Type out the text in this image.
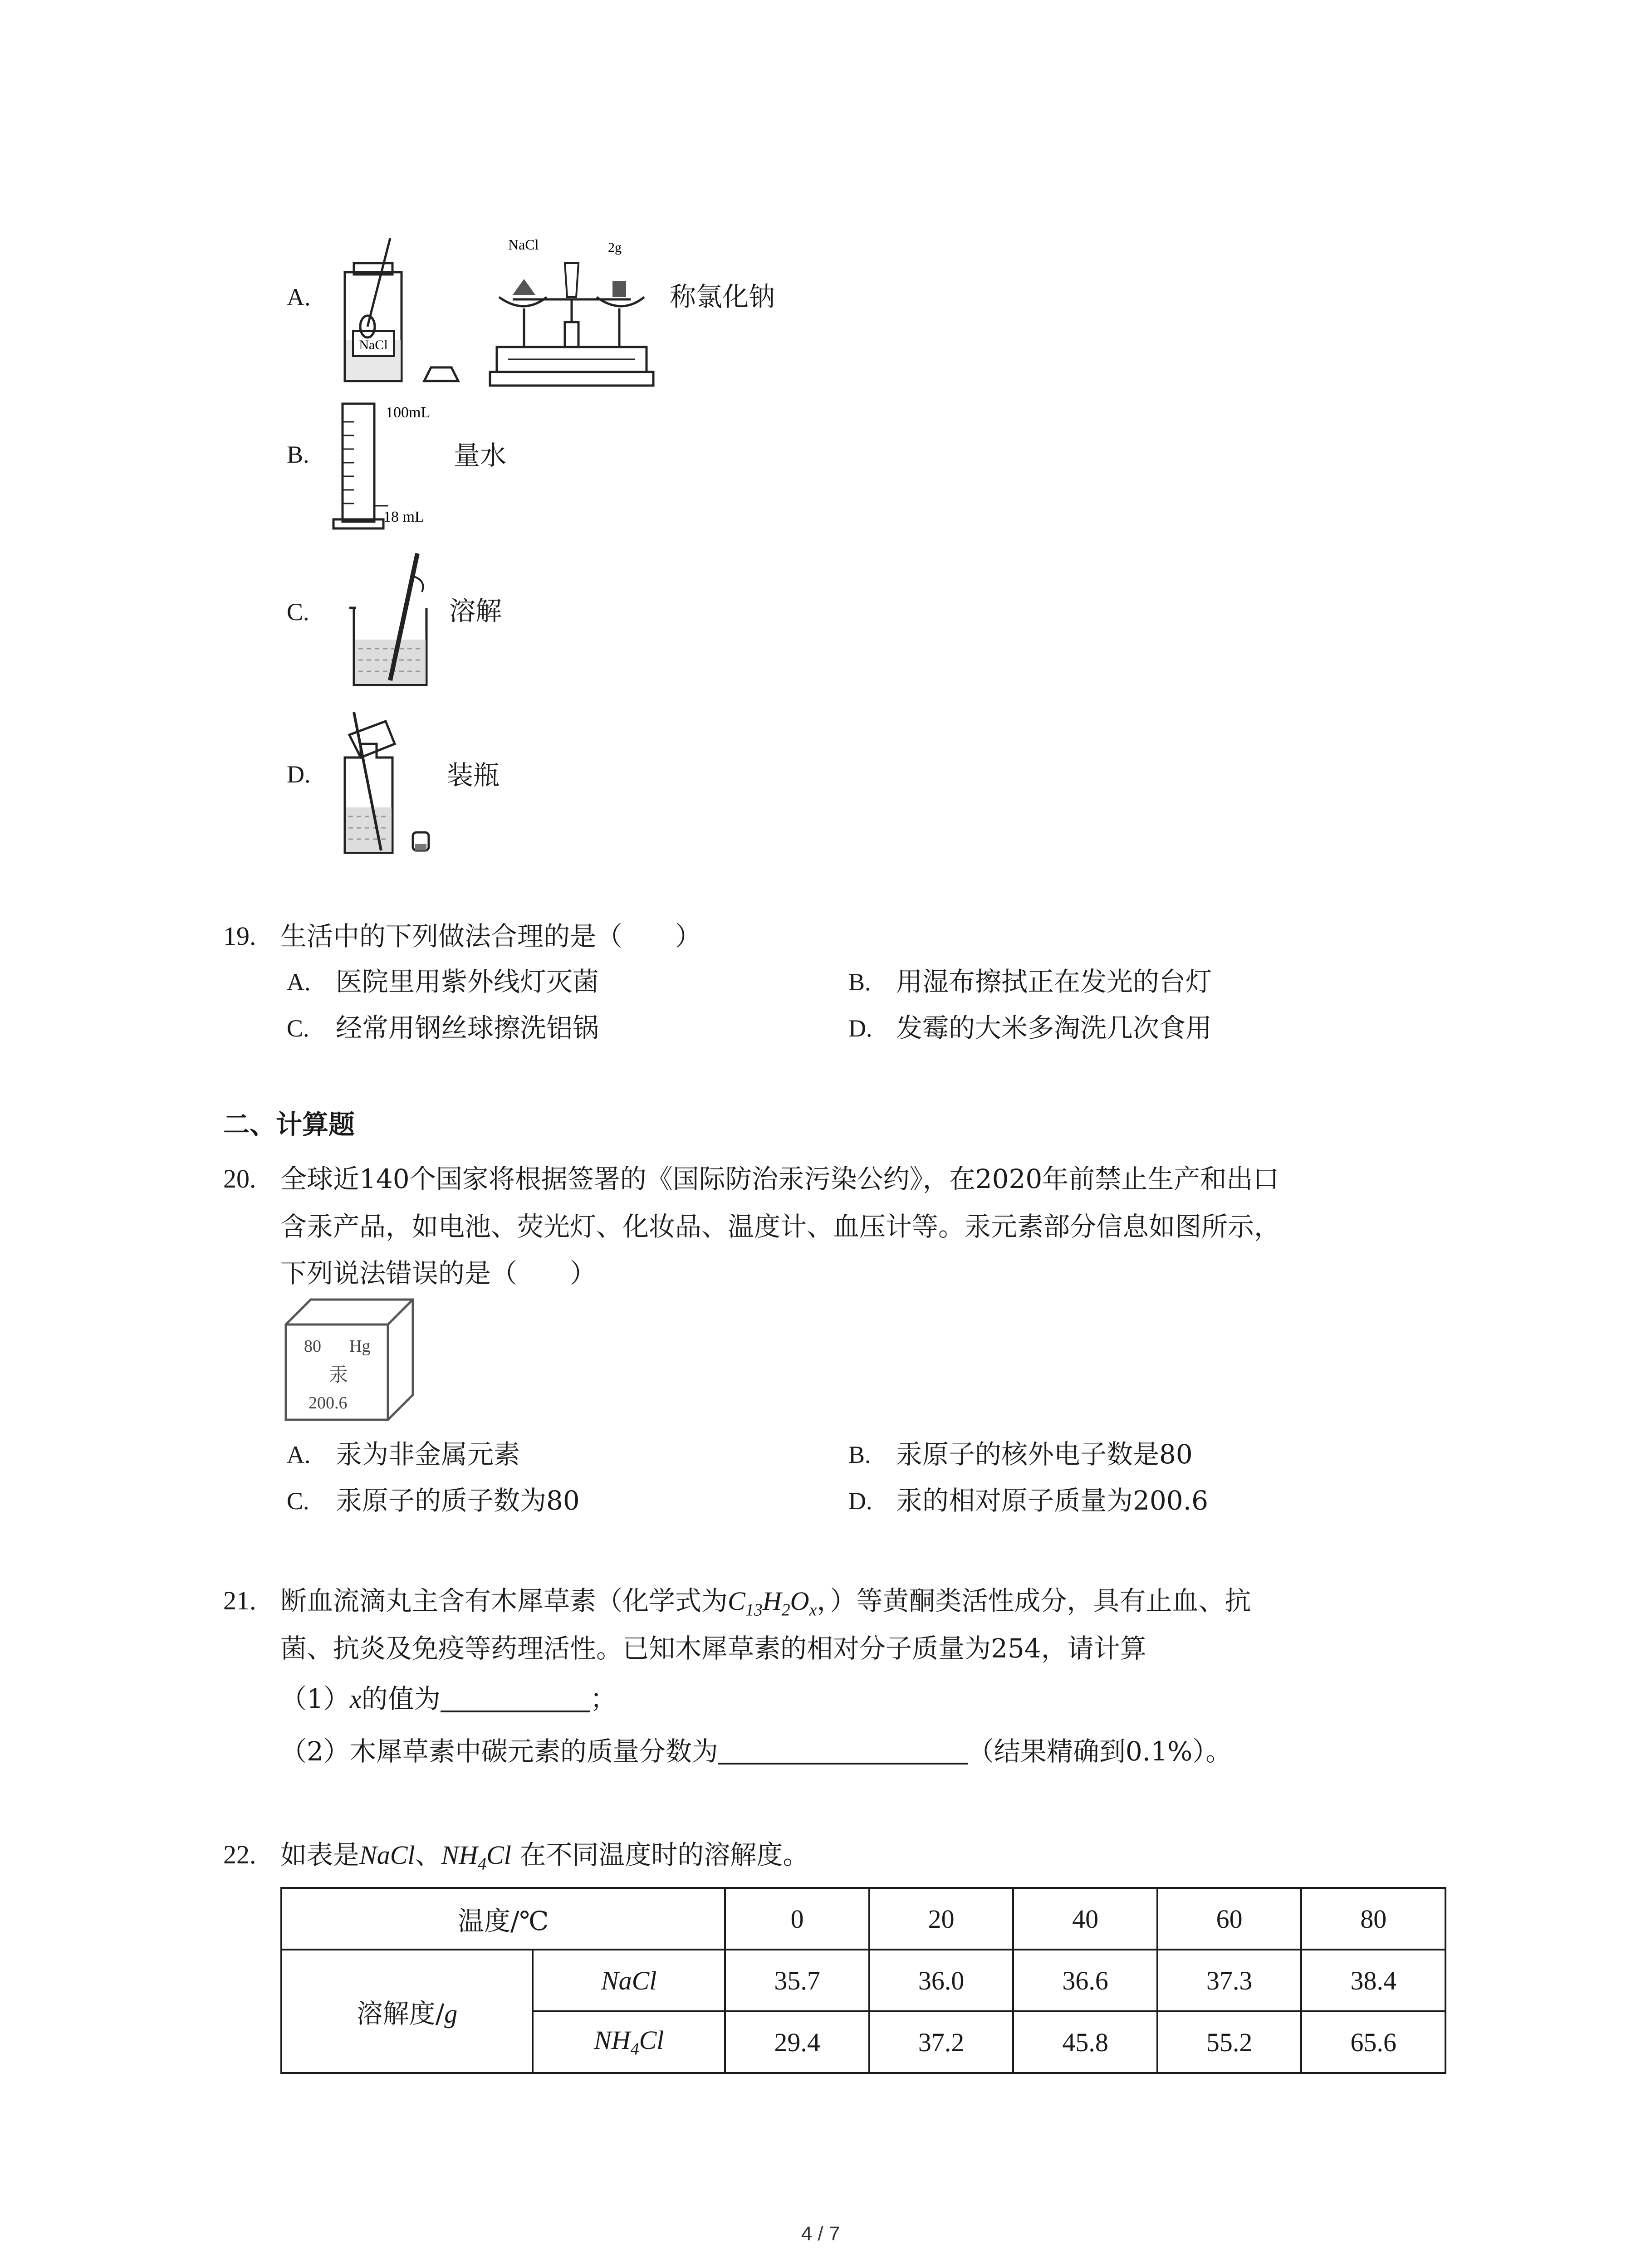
A.
NaCl
NaCl	2g
称氯化钠
B.
100mL
18 mL
量水
C.	溶解
D.	装瓶
19. 生活中的下列做法合理的是（　　）
A. 医院里用紫外线灯灭菌	B. 用湿布擦拭正在发光的台灯
C. 经常用钢丝球擦洗铝锅	D. 发霉的大米多淘洗几次食用
二、计算题
20. 全球近140个国家将根据签署的《国际防治汞污染公约》，在2020年前禁止生产和出口
含汞产品，如电池、荧光灯、化妆品、温度计、血压计等。汞元素部分信息如图所示，
下列说法错误的是（　　）
80 Hg
汞
200.6
A. 汞为非金属元素	B. 汞原子的核外电子数是80
C. 汞原子的质子数为80	D. 汞的相对原子质量为200.6
21. 断血流滴丸主含有木犀草素（化学式为$C_{13}H_2O_x$，）等黄酮类活性成分，具有止血、抗
菌、抗炎及免疫等药理活性。已知木犀草素的相对分子质量为254，请计算
（1）x的值为	；
（2）木犀草素中碳元素的质量分数为	（结果精确到0.1%）。
22. 如表是NaCl、$NH_4Cl$ 在不同温度时的溶解度。
温度/℃		0	20	40	60	80
溶解度/g	NaCl	35.7	36.0	36.6	37.3	38.4
	$NH_4Cl$	29.4	37.2	45.8	55.2	65.6
4 / 7
